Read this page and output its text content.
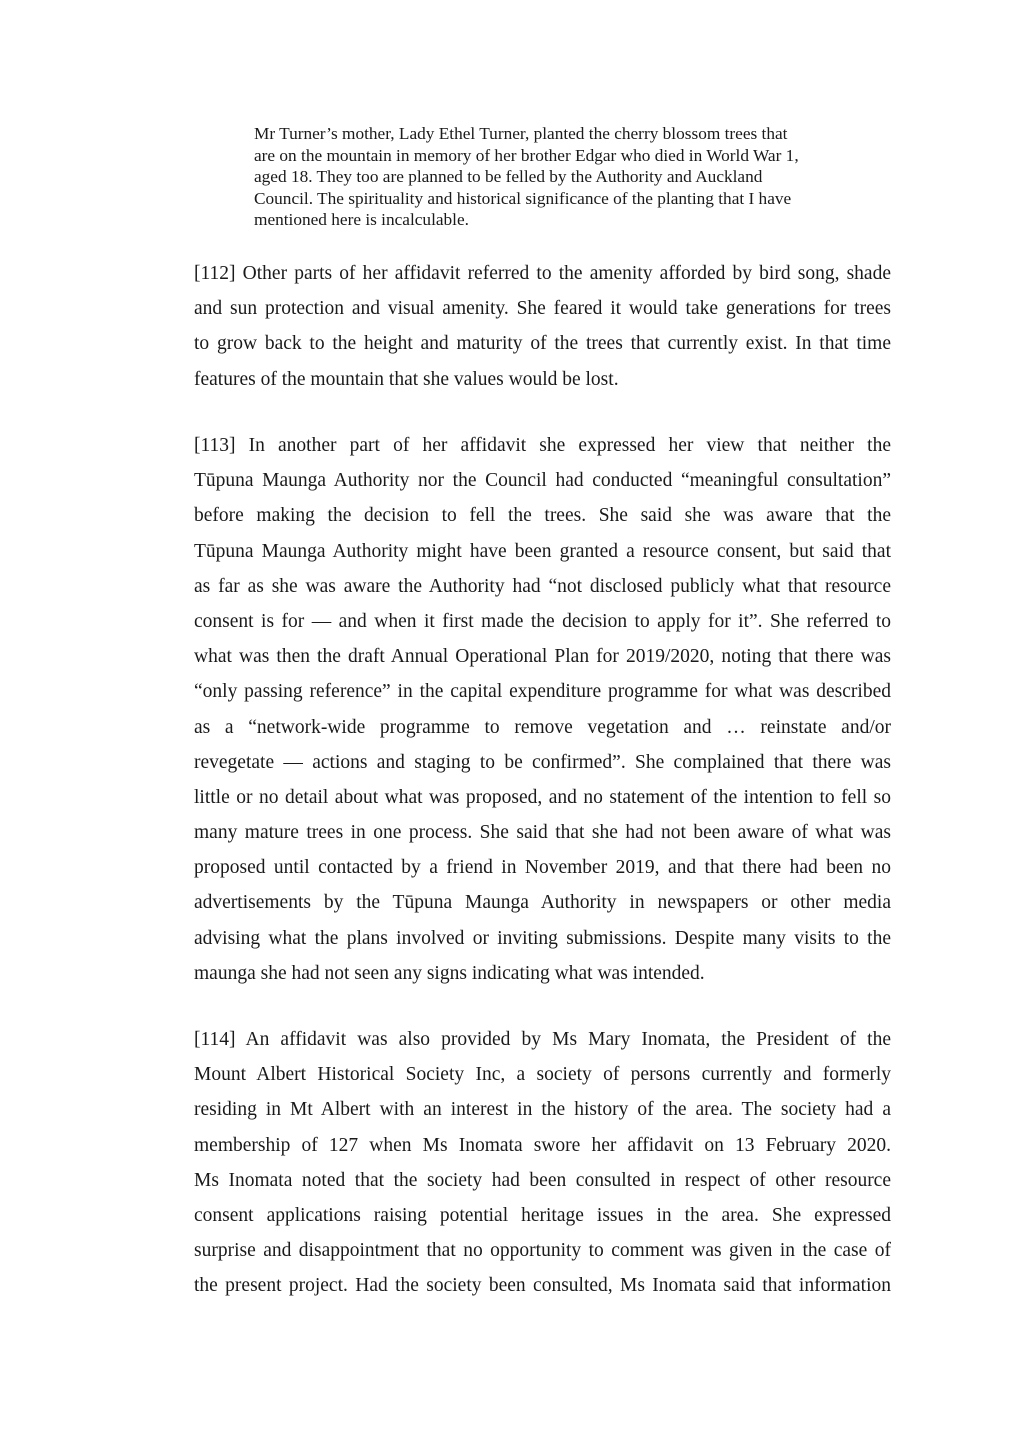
Mr Turner’s mother, Lady Ethel Turner, planted the cherry blossom trees that
are on the mountain in memory of her brother Edgar who died in World War 1,
aged 18. They too are planned to be felled by the Authority and Auckland
Council. The spirituality and historical significance of the planting that I have
mentioned here is incalculable.
[112] Other parts of her affidavit referred to the amenity afforded by bird song, shade
and sun protection and visual amenity. She feared it would take generations for trees
to grow back to the height and maturity of the trees that currently exist. In that time
features of the mountain that she values would be lost.
[113] In another part of her affidavit she expressed her view that neither the
Tūpuna Maunga Authority nor the Council had conducted “meaningful consultation”
before making the decision to fell the trees. She said she was aware that the
Tūpuna Maunga Authority might have been granted a resource consent, but said that
as far as she was aware the Authority had “not disclosed publicly what that resource
consent is for — and when it first made the decision to apply for it”. She referred to
what was then the draft Annual Operational Plan for 2019/2020, noting that there was
“only passing reference” in the capital expenditure programme for what was described
as a “network-wide programme to remove vegetation and … reinstate and/or
revegetate — actions and staging to be confirmed”. She complained that there was
little or no detail about what was proposed, and no statement of the intention to fell so
many mature trees in one process. She said that she had not been aware of what was
proposed until contacted by a friend in November 2019, and that there had been no
advertisements by the Tūpuna Maunga Authority in newspapers or other media
advising what the plans involved or inviting submissions. Despite many visits to the
maunga she had not seen any signs indicating what was intended.
[114] An affidavit was also provided by Ms Mary Inomata, the President of the
Mount Albert Historical Society Inc, a society of persons currently and formerly
residing in Mt Albert with an interest in the history of the area. The society had a
membership of 127 when Ms Inomata swore her affidavit on 13 February 2020.
Ms Inomata noted that the society had been consulted in respect of other resource
consent applications raising potential heritage issues in the area. She expressed
surprise and disappointment that no opportunity to comment was given in the case of
the present project. Had the society been consulted, Ms Inomata said that information
